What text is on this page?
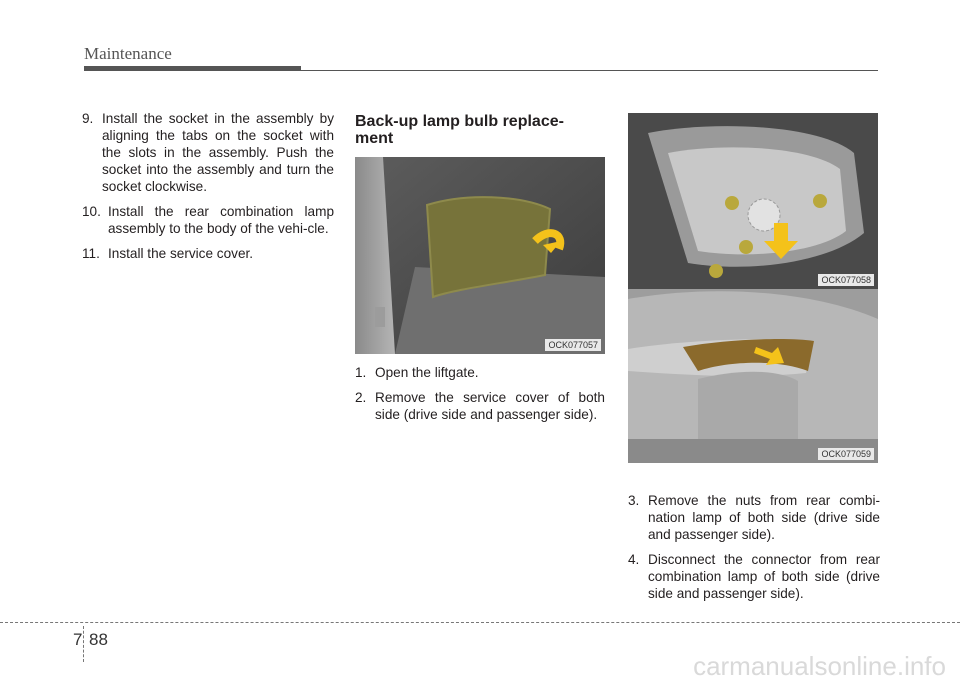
Maintenance
9. Install the socket in the assembly by aligning the tabs on the socket with the slots in the assembly. Push the socket into the assembly and turn the socket clockwise.
10. Install the rear combination lamp assembly to the body of the vehi-cle.
11. Install the service cover.
Back-up lamp bulb replace-
ment
OCK077057
1. Open the liftgate.
2. Remove the service cover of both side (drive side and passenger side).
OCK077058
OCK077059
3. Remove the nuts from rear combi-nation lamp of both side (drive side and passenger side).
4. Disconnect the connector from rear combination lamp of both side (drive side and passenger side).
7 88
carmanualsonline.info
